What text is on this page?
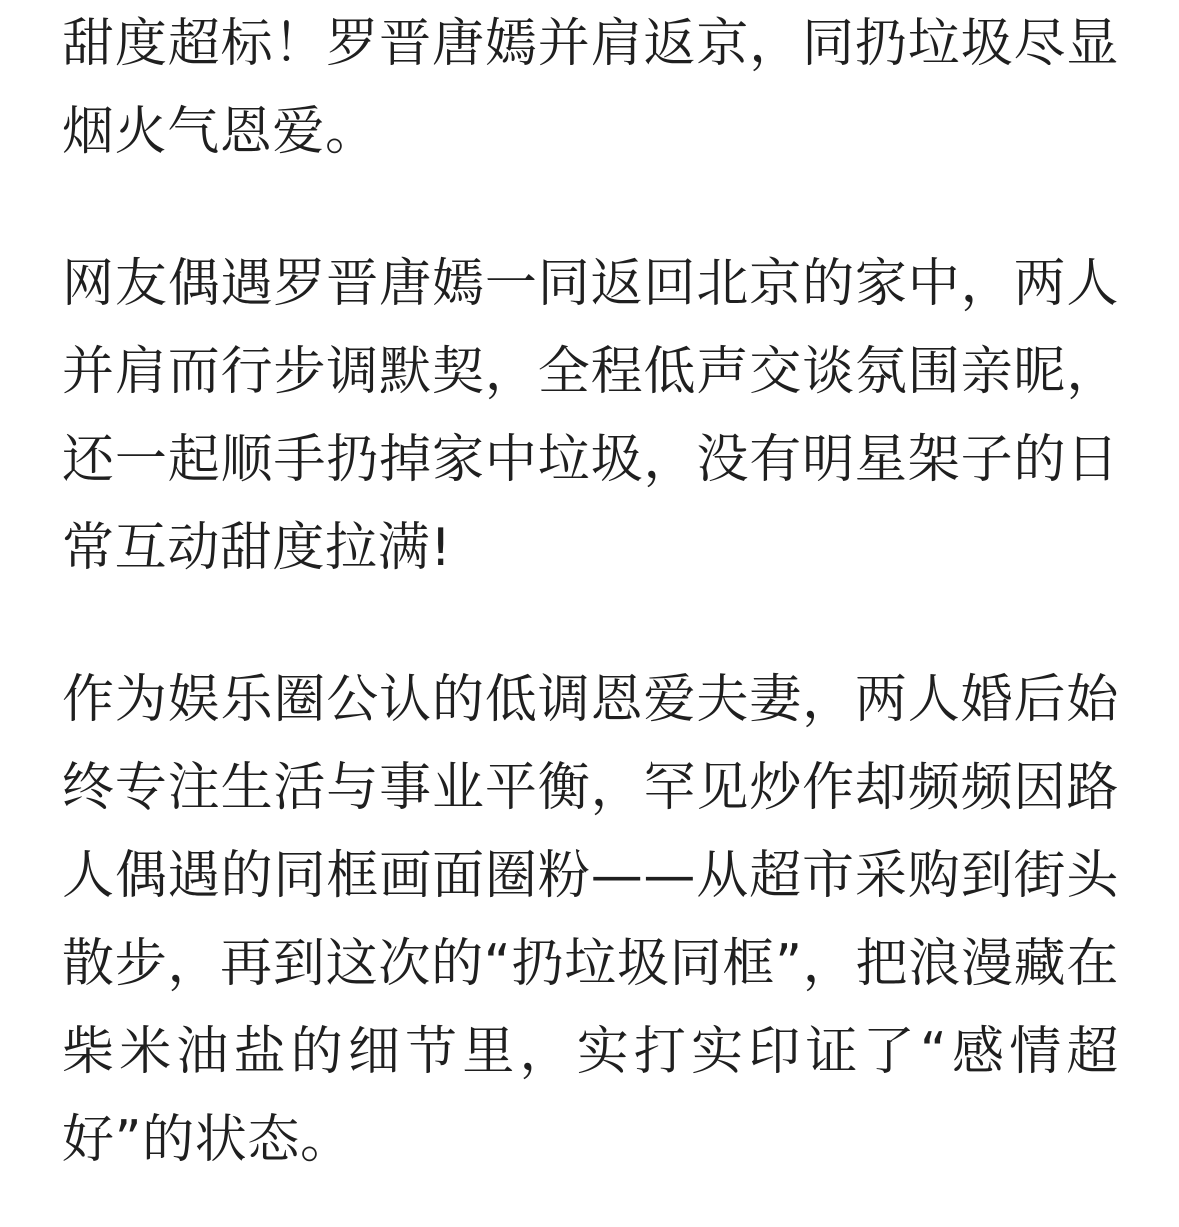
甜度超标！罗晋唐嫣并肩返京，同扔垃圾尽显烟火气恩爱。

网友偶遇罗晋唐嫣一同返回北京的家中，两人并肩而行步调默契，全程低声交谈氛围亲昵，还一起顺手扔掉家中垃圾，没有明星架子的日常互动甜度拉满!

作为娱乐圈公认的低调恩爱夫妻，两人婚后始终专注生活与事业平衡，罕见炒作却频频因路人偶遇的同框画面圈粉——从超市采购到街头散步，再到这次的“扔垃圾同框”，把浪漫藏在柴米油盐的细节里，实打实印证了“感情超好”的状态。
